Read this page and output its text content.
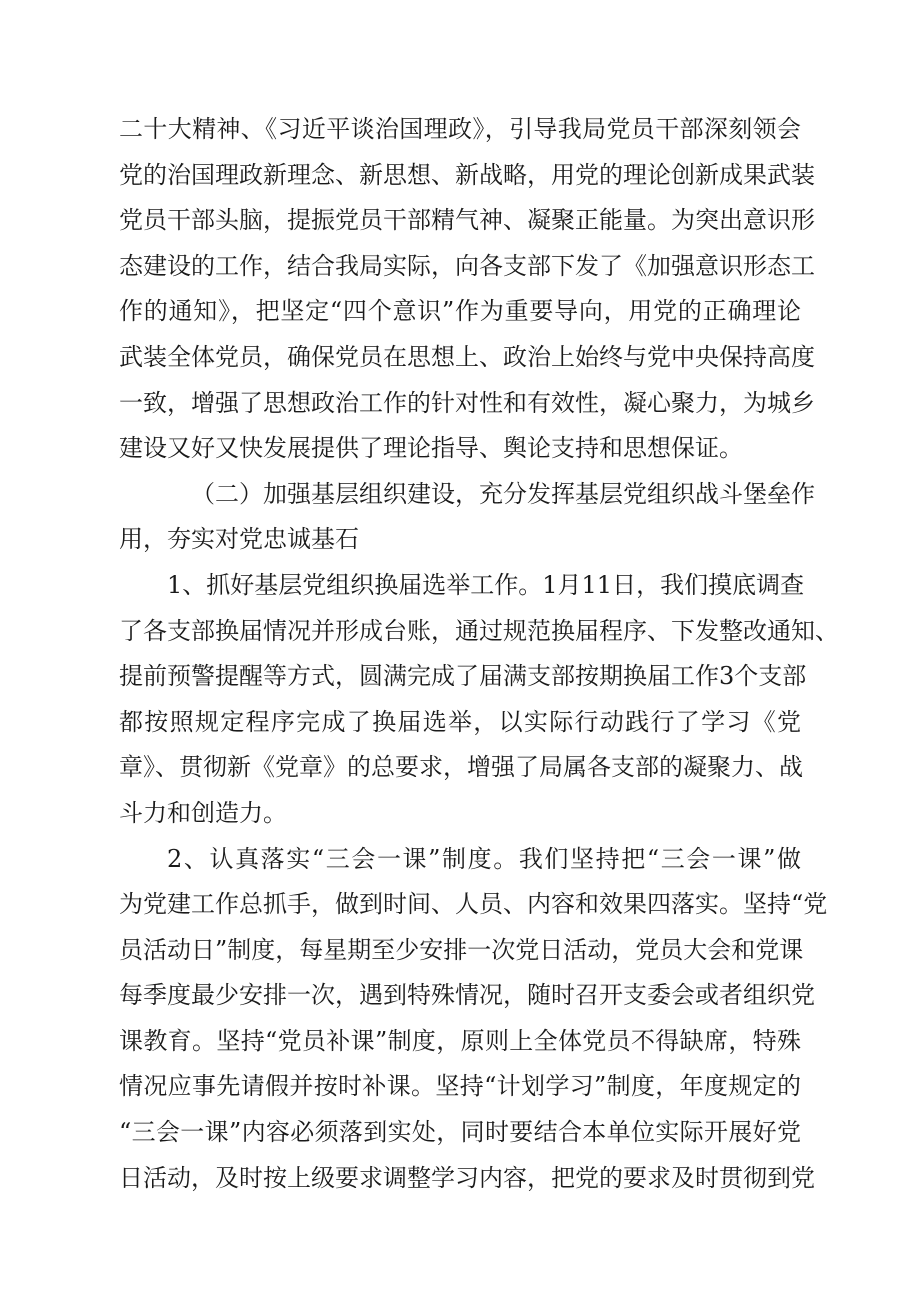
二十大精神、《习近平谈治国理政》，引导我局党员干部深刻领会
党的治国理政新理念、新思想、新战略，用党的理论创新成果武装
党员干部头脑，提振党员干部精气神、凝聚正能量。为突出意识形
态建设的工作，结合我局实际，向各支部下发了《加强意识形态工
作的通知》，把坚定“四个意识”作为重要导向，用党的正确理论
武装全体党员，确保党员在思想上、政治上始终与党中央保持高度
一致，增强了思想政治工作的针对性和有效性，凝心聚力，为城乡
建设又好又快发展提供了理论指导、舆论支持和思想保证。
（二）加强基层组织建设，充分发挥基层党组织战斗堡垒作
用，夯实对党忠诚基石
1、抓好基层党组织换届选举工作。1月11日，我们摸底调查
了各支部换届情况并形成台账，通过规范换届程序、下发整改通知、
提前预警提醒等方式，圆满完成了届满支部按期换届工作3个支部
都按照规定程序完成了换届选举，以实际行动践行了学习《党
章》、贯彻新《党章》的总要求，增强了局属各支部的凝聚力、战
斗力和创造力。
2、认真落实“三会一课”制度。我们坚持把“三会一课”做
为党建工作总抓手，做到时间、人员、内容和效果四落实。坚持“党
员活动日”制度，每星期至少安排一次党日活动，党员大会和党课
每季度最少安排一次，遇到特殊情况，随时召开支委会或者组织党
课教育。坚持“党员补课”制度，原则上全体党员不得缺席，特殊
情况应事先请假并按时补课。坚持“计划学习”制度，年度规定的
“三会一课”内容必须落到实处，同时要结合本单位实际开展好党
日活动，及时按上级要求调整学习内容，把党的要求及时贯彻到党
